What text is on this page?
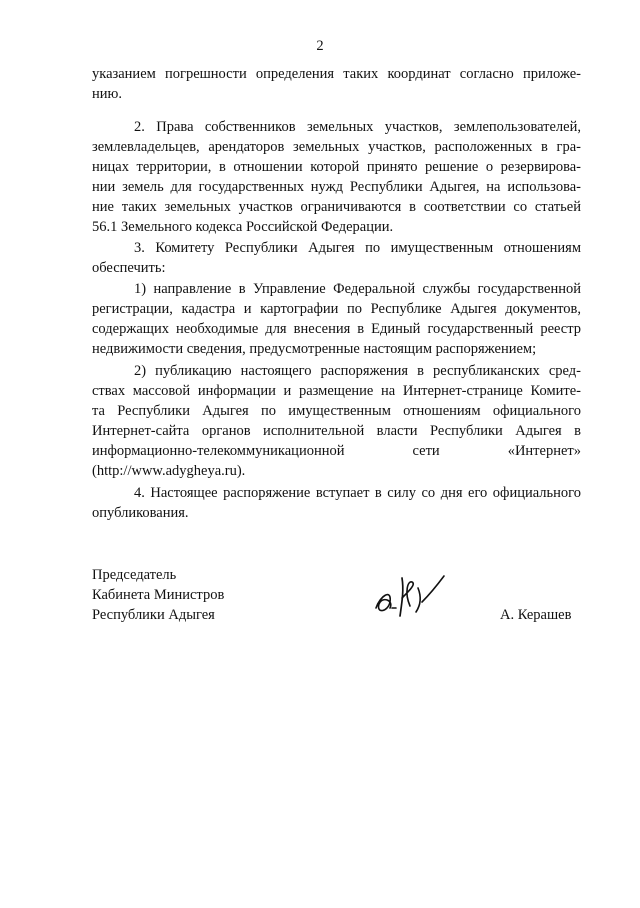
2
указанием погрешности определения таких координат согласно приложе-
нию.
2. Права собственников земельных участков, землепользователей,
землевладельцев, арендаторов земельных участков, расположенных в гра-
ницах территории, в отношении которой принято решение о резервирова-
нии земель для государственных нужд Республики Адыгея, на использова-
ние таких земельных участков ограничиваются в соответствии со статьей
56.1 Земельного кодекса Российской Федерации.
3. Комитету Республики Адыгея по имущественным отношениям
обеспечить:
1) направление в Управление Федеральной службы государственной
регистрации, кадастра и картографии по Республике Адыгея документов,
содержащих необходимые для внесения в Единый государственный реестр
недвижимости сведения, предусмотренные настоящим распоряжением;
2) публикацию настоящего распоряжения в республиканских сред-
ствах массовой информации и размещение на Интернет-странице Комите-
та Республики Адыгея по имущественным отношениям официального
Интернет-сайта органов исполнительной власти Республики Адыгея в
информационно-телекоммуникационной	сети	«Интернет»
(http://www.adygheya.ru).
4. Настоящее распоряжение вступает в силу со дня его официального
опубликования.
Председатель
Кабинета Министров
Республики Адыгея	А. Керашев
